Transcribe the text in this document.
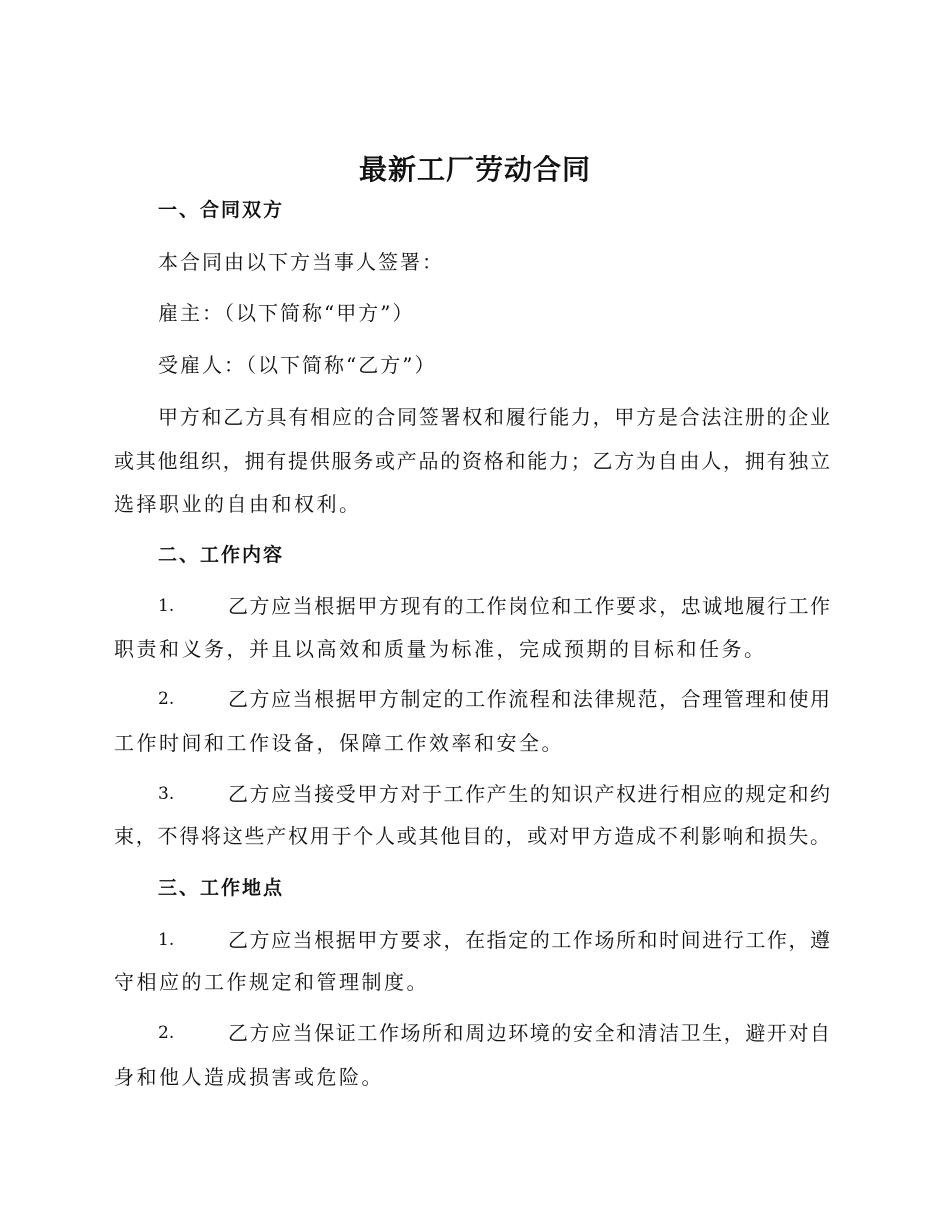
最新工厂劳动合同
一、合同双方
本合同由以下方当事人签署：
雇主：（以下简称“甲方”）
受雇人：（以下简称“乙方”）
甲方和乙方具有相应的合同签署权和履行能力，甲方是合法注册的企业
或其他组织，拥有提供服务或产品的资格和能力；乙方为自由人，拥有独立
选择职业的自由和权利。
二、工作内容
1.	乙方应当根据甲方现有的工作岗位和工作要求，忠诚地履行工作
职责和义务，并且以高效和质量为标准，完成预期的目标和任务。
2.	乙方应当根据甲方制定的工作流程和法律规范，合理管理和使用
工作时间和工作设备，保障工作效率和安全。
3.	乙方应当接受甲方对于工作产生的知识产权进行相应的规定和约
束，不得将这些产权用于个人或其他目的，或对甲方造成不利影响和损失。
三、工作地点
1.	乙方应当根据甲方要求，在指定的工作场所和时间进行工作，遵
守相应的工作规定和管理制度。
2.	乙方应当保证工作场所和周边环境的安全和清洁卫生，避开对自
身和他人造成损害或危险。
